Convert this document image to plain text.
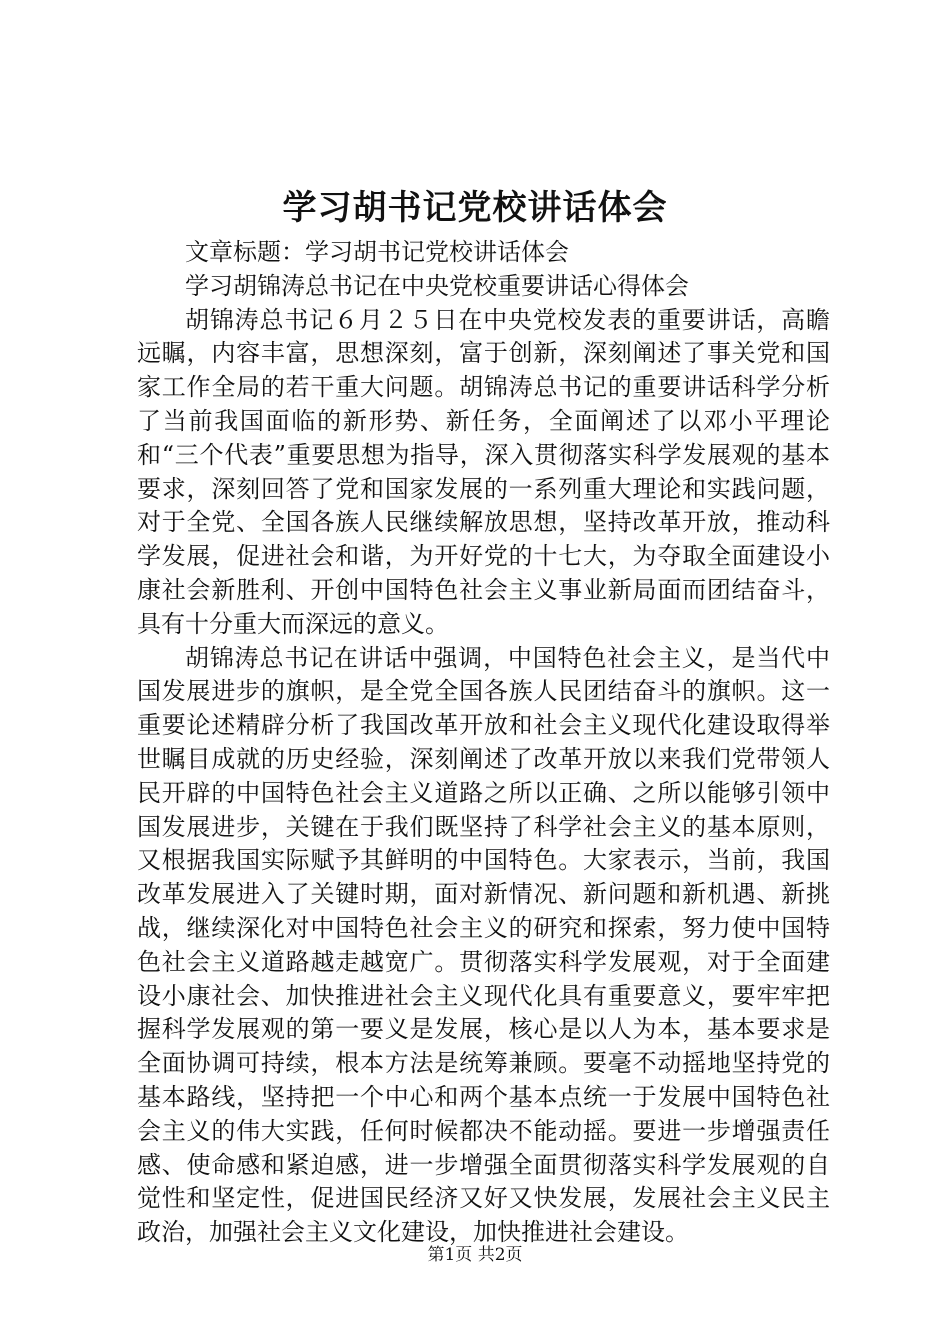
学习胡书记党校讲话体会

文章标题：学习胡书记党校讲话体会

学习胡锦涛总书记在中央党校重要讲话心得体会

胡锦涛总书记６月２５日在中央党校发表的重要讲话，高瞻远瞩，内容丰富，思想深刻，富于创新，深刻阐述了事关党和国家工作全局的若干重大问题。胡锦涛总书记的重要讲话科学分析了当前我国面临的新形势、新任务，全面阐述了以邓小平理论和“三个代表”重要思想为指导，深入贯彻落实科学发展观的基本要求，深刻回答了党和国家发展的一系列重大理论和实践问题，对于全党、全国各族人民继续解放思想，坚持改革开放，推动科学发展，促进社会和谐，为开好党的十七大，为夺取全面建设小康社会新胜利、开创中国特色社会主义事业新局面而团结奋斗，具有十分重大而深远的意义。

胡锦涛总书记在讲话中强调，中国特色社会主义，是当代中国发展进步的旗帜，是全党全国各族人民团结奋斗的旗帜。这一重要论述精辟分析了我国改革开放和社会主义现代化建设取得举世瞩目成就的历史经验，深刻阐述了改革开放以来我们党带领人民开辟的中国特色社会主义道路之所以正确、之所以能够引领中国发展进步，关键在于我们既坚持了科学社会主义的基本原则，又根据我国实际赋予其鲜明的中国特色。大家表示，当前，我国改革发展进入了关键时期，面对新情况、新问题和新机遇、新挑战，继续深化对中国特色社会主义的研究和探索，努力使中国特色社会主义道路越走越宽广。贯彻落实科学发展观，对于全面建设小康社会、加快推进社会主义现代化具有重要意义，要牢牢把握科学发展观的第一要义是发展，核心是以人为本，基本要求是全面协调可持续，根本方法是统筹兼顾。要毫不动摇地坚持党的基本路线，坚持把一个中心和两个基本点统一于发展中国特色社会主义的伟大实践，任何时候都决不能动摇。要进一步增强责任感、使命感和紧迫感，进一步增强全面贯彻落实科学发展观的自觉性和坚定性，促进国民经济又好又快发展，发展社会主义民主政治，加强社会主义文化建设，加快推进社会建设。

第1页 共2页
